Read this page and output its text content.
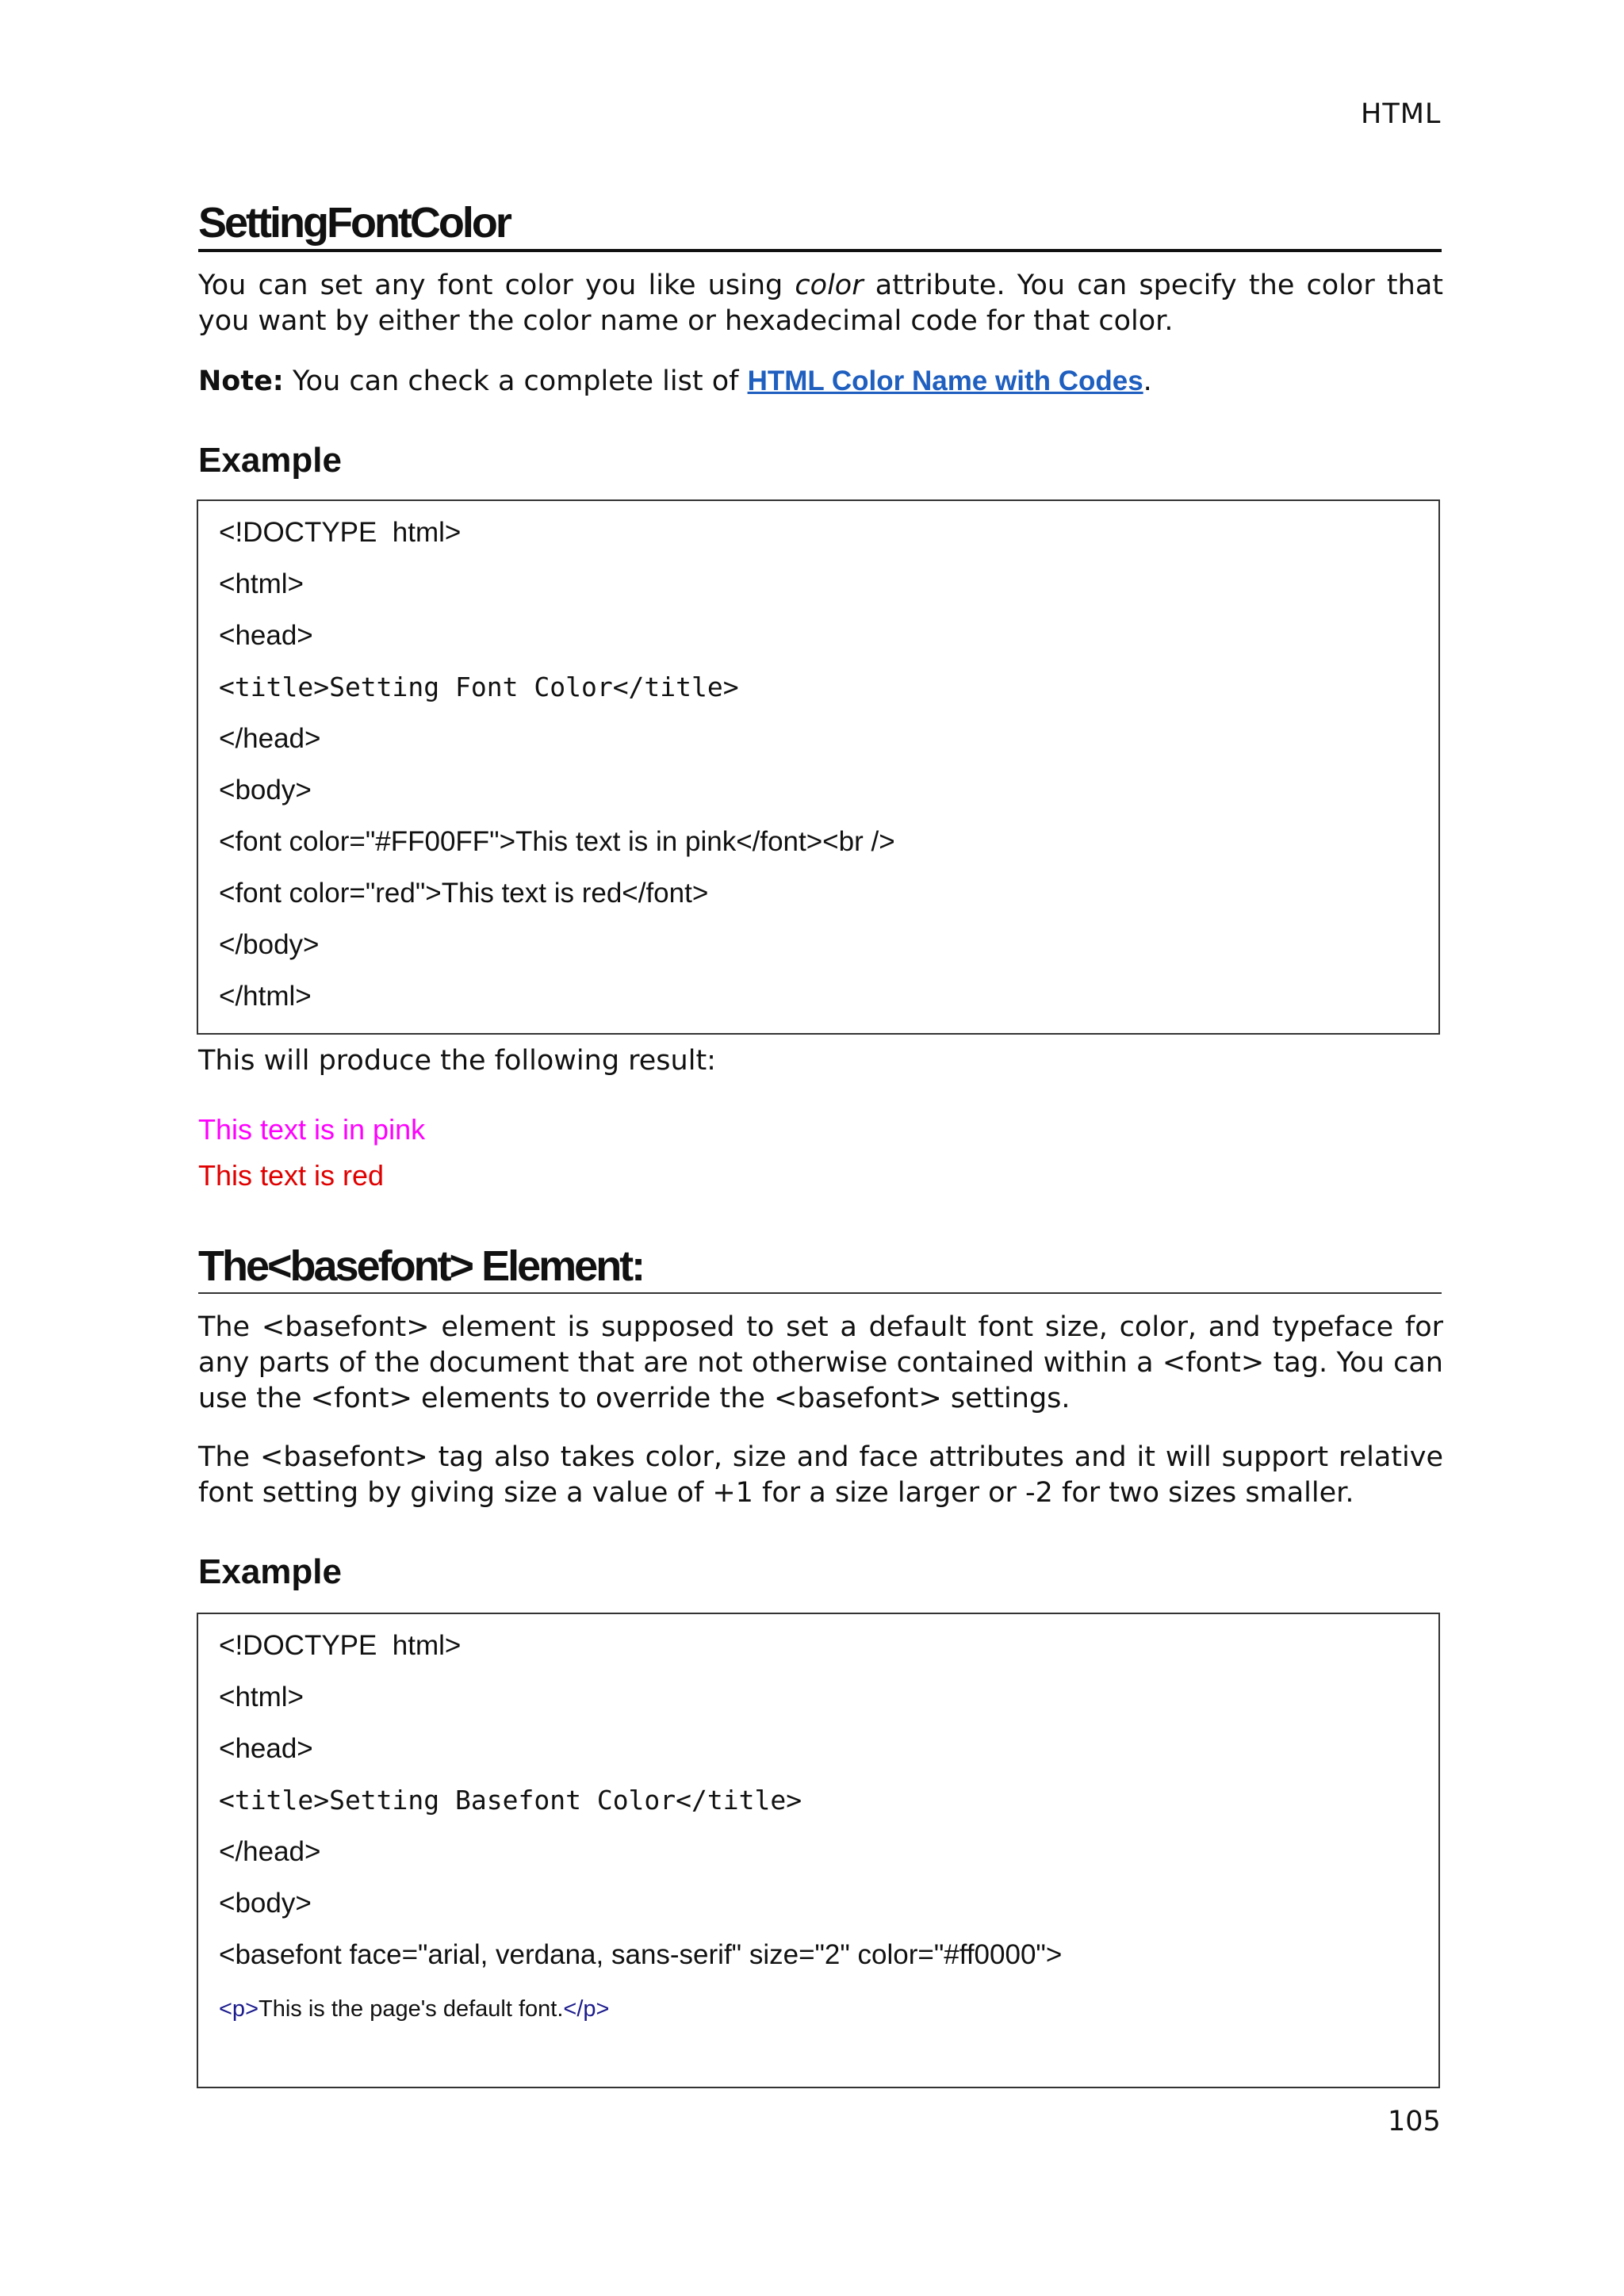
HTML
SettingFontColor

You can set any font color you like using color attribute. You can specify the color that you want by either the color name or hexadecimal code for that color.

Note: You can check a complete list of HTML Color Name with Codes.

Example
<!DOCTYPE  html>
<html>
<head>
<title>Setting Font Color</title>
</head>
<body>
<font color="#FF00FF">This text is in pink</font><br />
<font color="red">This text is red</font>
</body>
</html>
This will produce the following result:
This text is in pink
This text is red
The<basefont> Element:
The <basefont> element is supposed to set a default font size, color, and typeface for any parts of the document that are not otherwise contained within a <font> tag. You can use the <font> elements to override the <basefont> settings.
The <basefont> tag also takes color, size and face attributes and it will support relative font setting by giving size a value of +1 for a size larger or -2 for two sizes smaller.
Example
<!DOCTYPE  html>
<html>
<head>
<title>Setting Basefont Color</title>
</head>
<body>
<basefont face="arial, verdana, sans-serif" size="2" color="#ff0000">
<p>This is the page's default font.</p>
105
